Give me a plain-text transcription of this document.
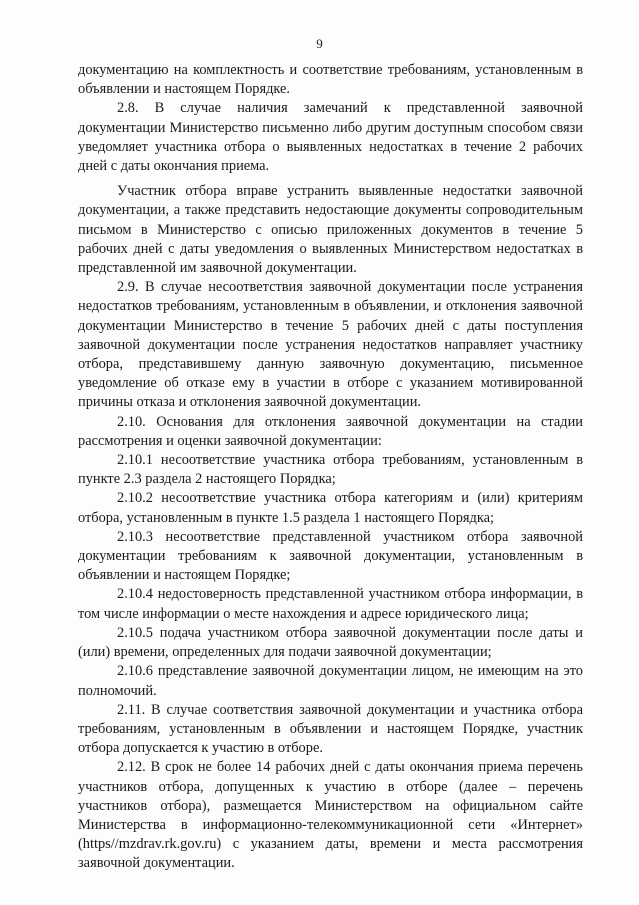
9

документацию на комплектность и соответствие требованиям, установленным в объявлении и настоящем Порядке.

2.8. В случае наличия замечаний к представленной заявочной документации Министерство письменно либо другим доступным способом связи уведомляет участника отбора о выявленных недостатках в течение 2 рабочих дней с даты окончания приема.

Участник отбора вправе устранить выявленные недостатки заявочной документации, а также представить недостающие документы сопроводительным письмом в Министерство с описью приложенных документов в течение 5 рабочих дней с даты уведомления о выявленных Министерством недостатках в представленной им заявочной документации.

2.9. В случае несоответствия заявочной документации после устранения недостатков требованиям, установленным в объявлении, и отклонения заявочной документации Министерство в течение 5 рабочих дней с даты поступления заявочной документации после устранения недостатков направляет участнику отбора, представившему данную заявочную документацию, письменное уведомление об отказе ему в участии в отборе с указанием мотивированной причины отказа и отклонения заявочной документации.

2.10. Основания для отклонения заявочной документации на стадии рассмотрения и оценки заявочной документации:

2.10.1 несоответствие участника отбора требованиям, установленным в пункте 2.3 раздела 2 настоящего Порядка;

2.10.2 несоответствие участника отбора категориям и (или) критериям отбора, установленным в пункте 1.5 раздела 1 настоящего Порядка;

2.10.3 несоответствие представленной участником отбора заявочной документации требованиям к заявочной документации, установленным в объявлении и настоящем Порядке;

2.10.4 недостоверность представленной участником отбора информации, в том числе информации о месте нахождения и адресе юридического лица;

2.10.5 подача участником отбора заявочной документации после даты и (или) времени, определенных для подачи заявочной документации;

2.10.6 представление заявочной документации лицом, не имеющим на это полномочий.

2.11. В случае соответствия заявочной документации и участника отбора требованиям, установленным в объявлении и настоящем Порядке, участник отбора допускается к участию в отборе.

2.12. В срок не более 14 рабочих дней с даты окончания приема перечень участников отбора, допущенных к участию в отборе (далее – перечень участников отбора), размещается Министерством на официальном сайте Министерства в информационно-телекоммуникационной сети «Интернет» (https//mzdrav.rk.gov.ru) с указанием даты, времени и места рассмотрения заявочной документации.
